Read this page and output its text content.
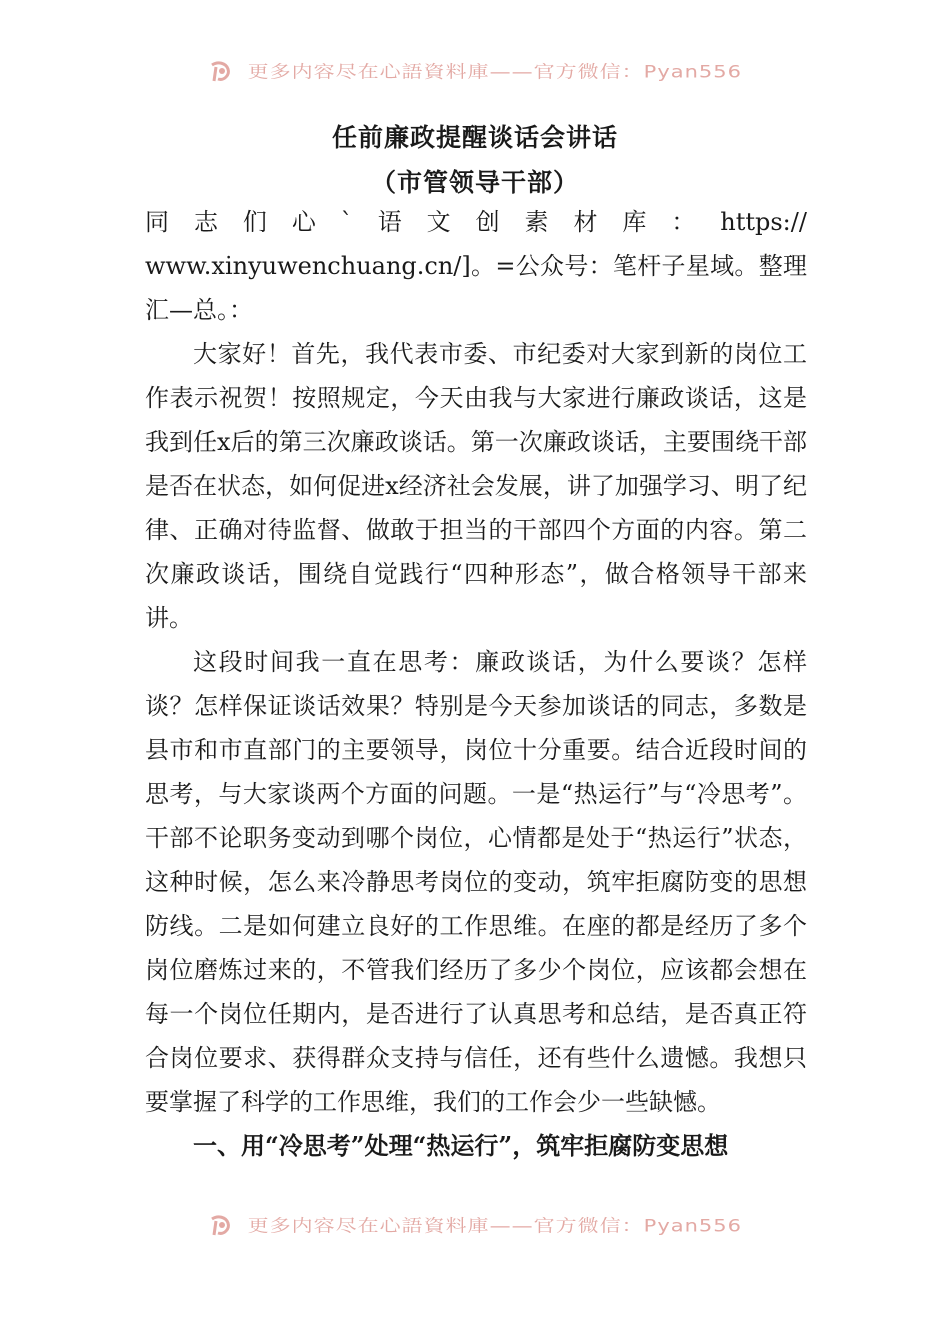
更多内容尽在心語資料庫——官方微信：Pyan556
任前廉政提醒谈话会讲话
（市管领导干部）
同 志 们 心 ` 语 文 创 素 材 库 ： https://

www.xinyuwenchuang.cn/]。=公众号：笔杆子星域。整理汇—总。：

大家好！首先，我代表市委、市纪委对大家到新的岗位工作表示祝贺！按照规定，今天由我与大家进行廉政谈话，这是我到任x后的第三次廉政谈话。第一次廉政谈话，主要围绕干部是否在状态，如何促进x经济社会发展，讲了加强学习、明了纪律、正确对待监督、做敢于担当的干部四个方面的内容。第二次廉政谈话，围绕自觉践行“四种形态”，做合格领导干部来讲。

这段时间我一直在思考：廉政谈话，为什么要谈？怎样谈？怎样保证谈话效果？特别是今天参加谈话的同志，多数是县市和市直部门的主要领导，岗位十分重要。结合近段时间的思考，与大家谈两个方面的问题。一是“热运行”与“冷思考”。干部不论职务变动到哪个岗位，心情都是处于“热运行”状态，这种时候，怎么来冷静思考岗位的变动，筑牢拒腐防变的思想防线。二是如何建立良好的工作思维。在座的都是经历了多个岗位磨炼过来的，不管我们经历了多少个岗位，应该都会想在每一个岗位任期内，是否进行了认真思考和总结，是否真正符合岗位要求、获得群众支持与信任，还有些什么遗憾。我想只要掌握了科学的工作思维，我们的工作会少一些缺憾。

一、用“冷思考”处理“热运行”，筑牢拒腐防变思想

更多内容尽在心語資料庫——官方微信：Pyan556
